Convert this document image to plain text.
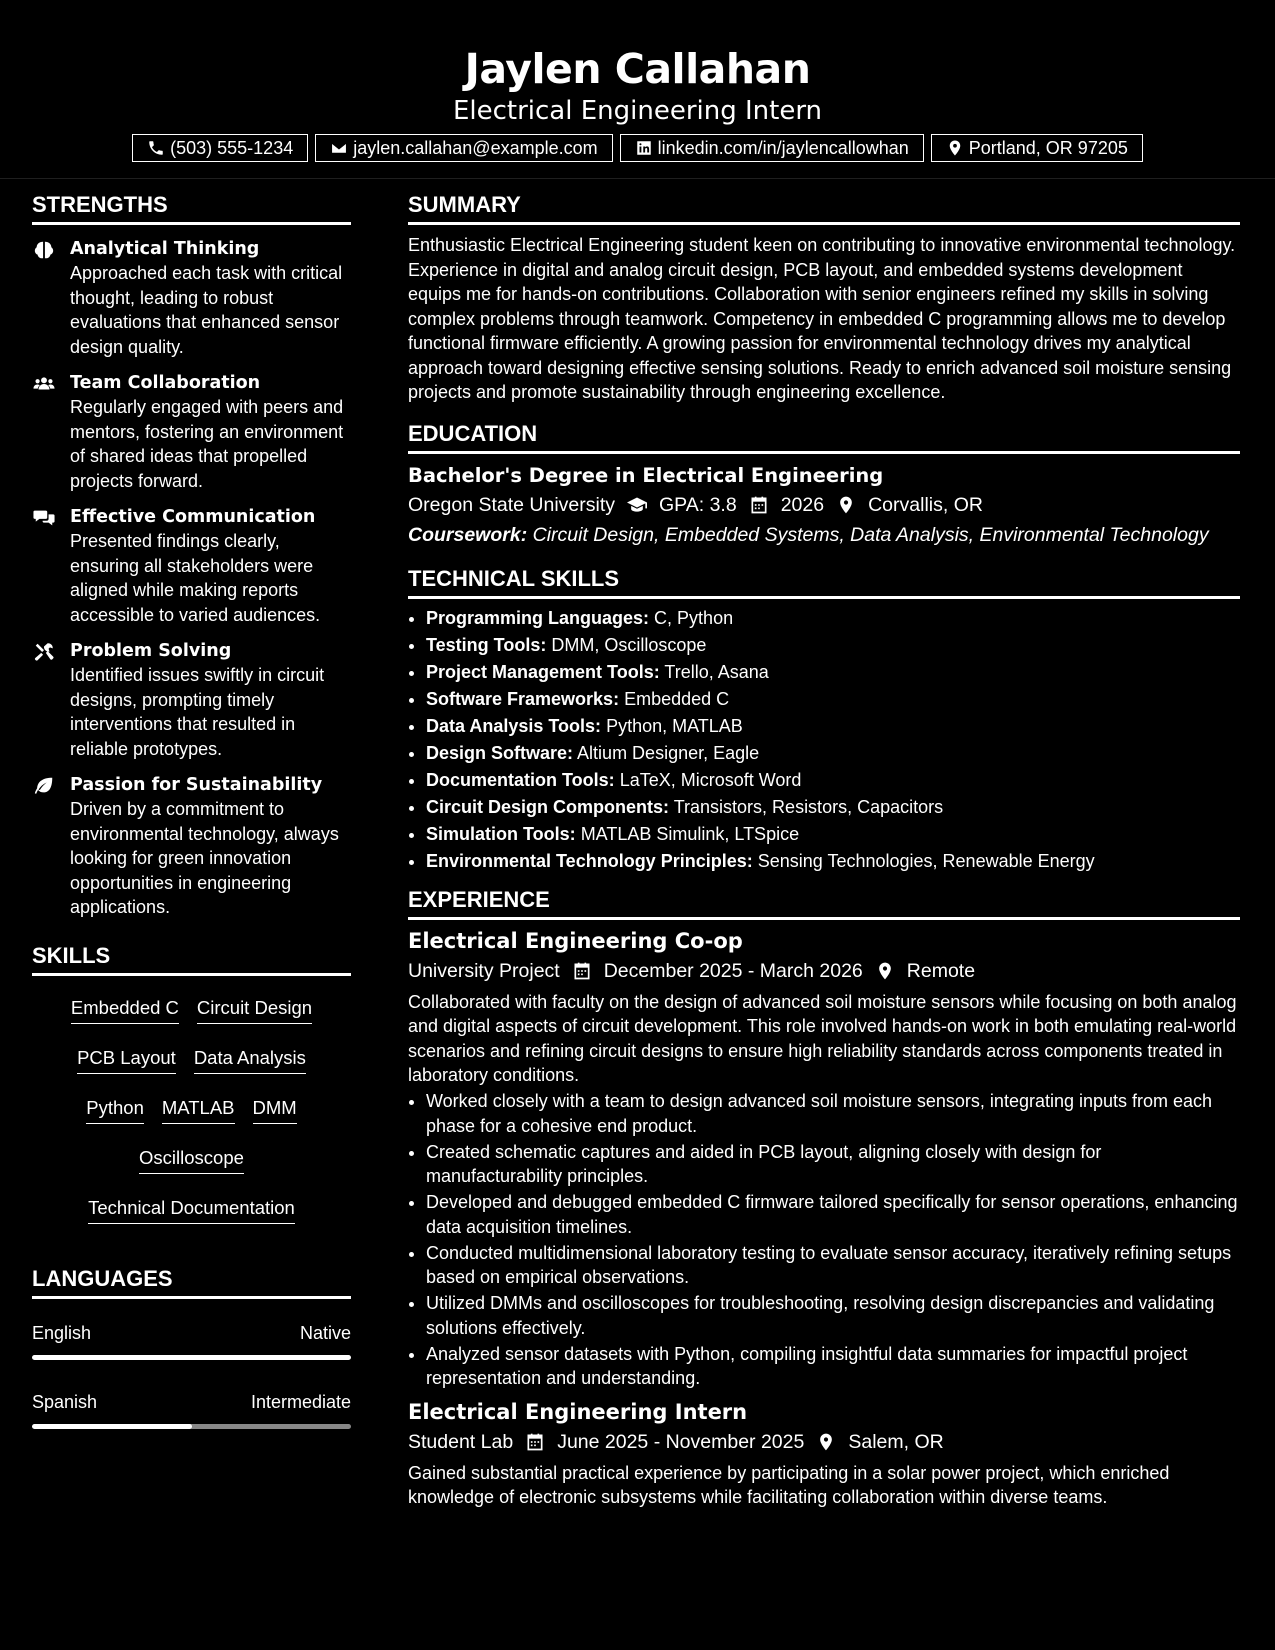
Jaylen Callahan
Electrical Engineering Intern
(503) 555-1234	jaylen.callahan@example.com	linkedin.com/in/jaylencallowhan	Portland, OR 97205
STRENGTHS
Analytical Thinking
Approached each task with critical thought, leading to robust evaluations that enhanced sensor design quality.
Team Collaboration
Regularly engaged with peers and mentors, fostering an environment of shared ideas that propelled projects forward.
Effective Communication
Presented findings clearly, ensuring all stakeholders were aligned while making reports accessible to varied audiences.
Problem Solving
Identified issues swiftly in circuit designs, prompting timely interventions that resulted in reliable prototypes.
Passion for Sustainability
Driven by a commitment to environmental technology, always looking for green innovation opportunities in engineering applications.
SKILLS
Embedded C Circuit Design
PCB Layout Data Analysis
Python MATLAB DMM
Oscilloscope
Technical Documentation
LANGUAGES
English	Native
Spanish	Intermediate
SUMMARY

Enthusiastic Electrical Engineering student keen on contributing to innovative environmental technology. Experience in digital and analog circuit design, PCB layout, and embedded systems development equips me for hands-on contributions. Collaboration with senior engineers refined my skills in solving complex problems through teamwork. Competency in embedded C programming allows me to develop functional firmware efficiently. A growing passion for environmental technology drives my analytical approach toward designing effective sensing solutions. Ready to enrich advanced soil moisture sensing projects and promote sustainability through engineering excellence.

EDUCATION
Bachelor's Degree in Electrical Engineering
Oregon State University GPA: 3.8 2026 Corvallis, OR
Coursework: Circuit Design, Embedded Systems, Data Analysis, Environmental Technology
TECHNICAL SKILLS
• Programming Languages: C, Python
• Testing Tools: DMM, Oscilloscope
• Project Management Tools: Trello, Asana
• Software Frameworks: Embedded C
• Data Analysis Tools: Python, MATLAB
• Design Software: Altium Designer, Eagle
• Documentation Tools: LaTeX, Microsoft Word
• Circuit Design Components: Transistors, Resistors, Capacitors
• Simulation Tools: MATLAB Simulink, LTSpice
• Environmental Technology Principles: Sensing Technologies, Renewable Energy
EXPERIENCE
Electrical Engineering Co-op
University Project December 2025 - March 2026 Remote

Collaborated with faculty on the design of advanced soil moisture sensors while focusing on both analog and digital aspects of circuit development. This role involved hands-on work in both emulating real-world scenarios and refining circuit designs to ensure high reliability standards across components treated in laboratory conditions.

• Worked closely with a team to design advanced soil moisture sensors, integrating inputs from each phase for a cohesive end product.
• Created schematic captures and aided in PCB layout, aligning closely with design for manufacturability principles.
• Developed and debugged embedded C firmware tailored specifically for sensor operations, enhancing data acquisition timelines.
• Conducted multidimensional laboratory testing to evaluate sensor accuracy, iteratively refining setups based on empirical observations.
• Utilized DMMs and oscilloscopes for troubleshooting, resolving design discrepancies and validating solutions effectively.
• Analyzed sensor datasets with Python, compiling insightful data summaries for impactful project representation and understanding.
Electrical Engineering Intern
Student Lab June 2025 - November 2025 Salem, OR

Gained substantial practical experience by participating in a solar power project, which enriched knowledge of electronic subsystems while facilitating collaboration within diverse teams.
